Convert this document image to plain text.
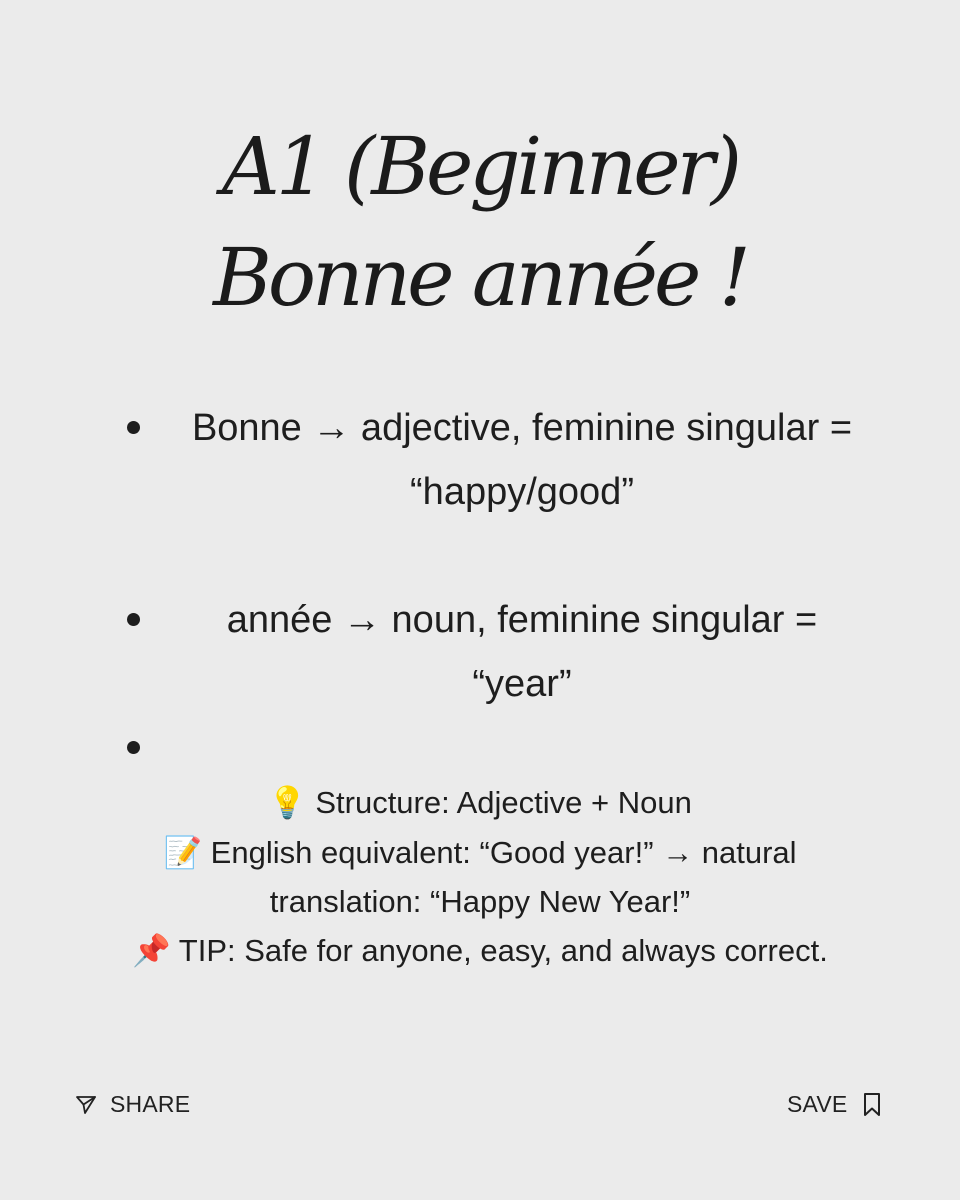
A1 (Beginner)
Bonne année !

Bonne → adjective, feminine singular =

“happy/good”

année → noun, feminine singular =

“year”

💡 Structure: Adjective + Noun

📝 English equivalent: “Good year!” → natural

translation: “Happy New Year!”

📌 TIP: Safe for anyone, easy, and always correct.

SHARE	SAVE
